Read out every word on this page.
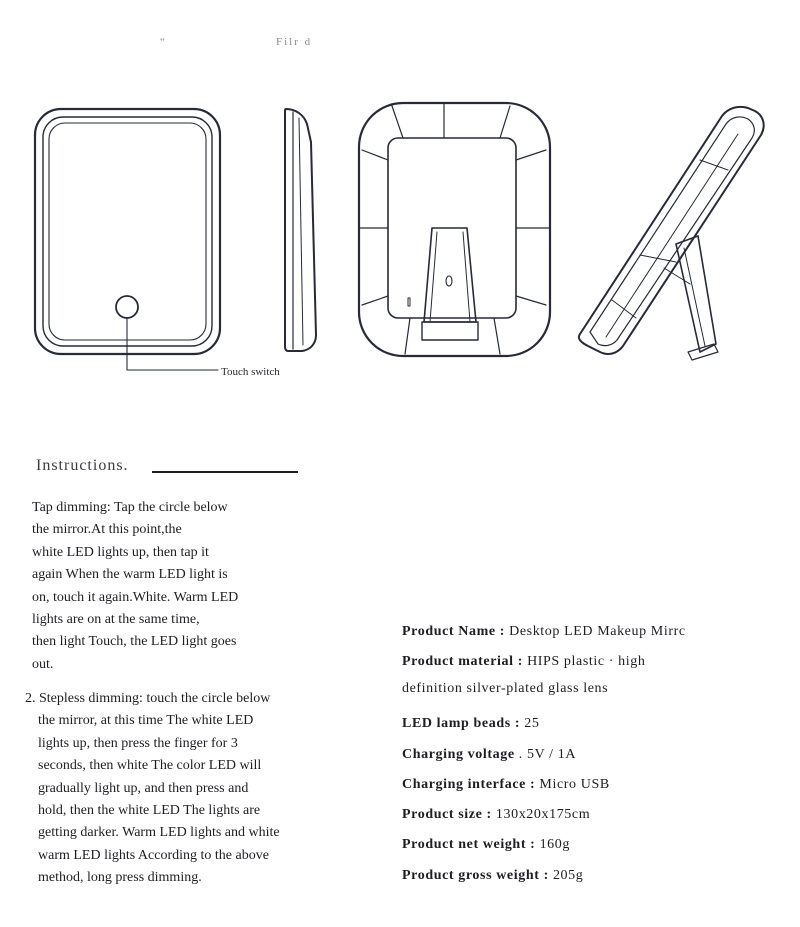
“	Filr d
Touch switch
Instructions.
Tap dimming: Tap the circle below
the mirror.At this point,the
white LED lights up, then tap it
again When the warm LED light is
on, touch it again.White. Warm LED
lights are on at the same time,
then light Touch, the LED light goes
out.
2. Stepless dimming: touch the circle below
the mirror, at this time The white LED
lights up, then press the finger for 3
seconds, then white The color LED will
gradually light up, and then press and
hold, then the white LED The lights are
getting darker. Warm LED lights and white
warm LED lights According to the above
method, long press dimming.
Product Name : Desktop LED Makeup Mirrc
Product material : HIPS plastic · high
definition silver-plated glass lens
LED lamp beads : 25
Charging voltage . 5V / 1A
Charging interface : Micro USB
Product size : 130x20x175cm
Product net weight : 160g
Product gross weight : 205g
